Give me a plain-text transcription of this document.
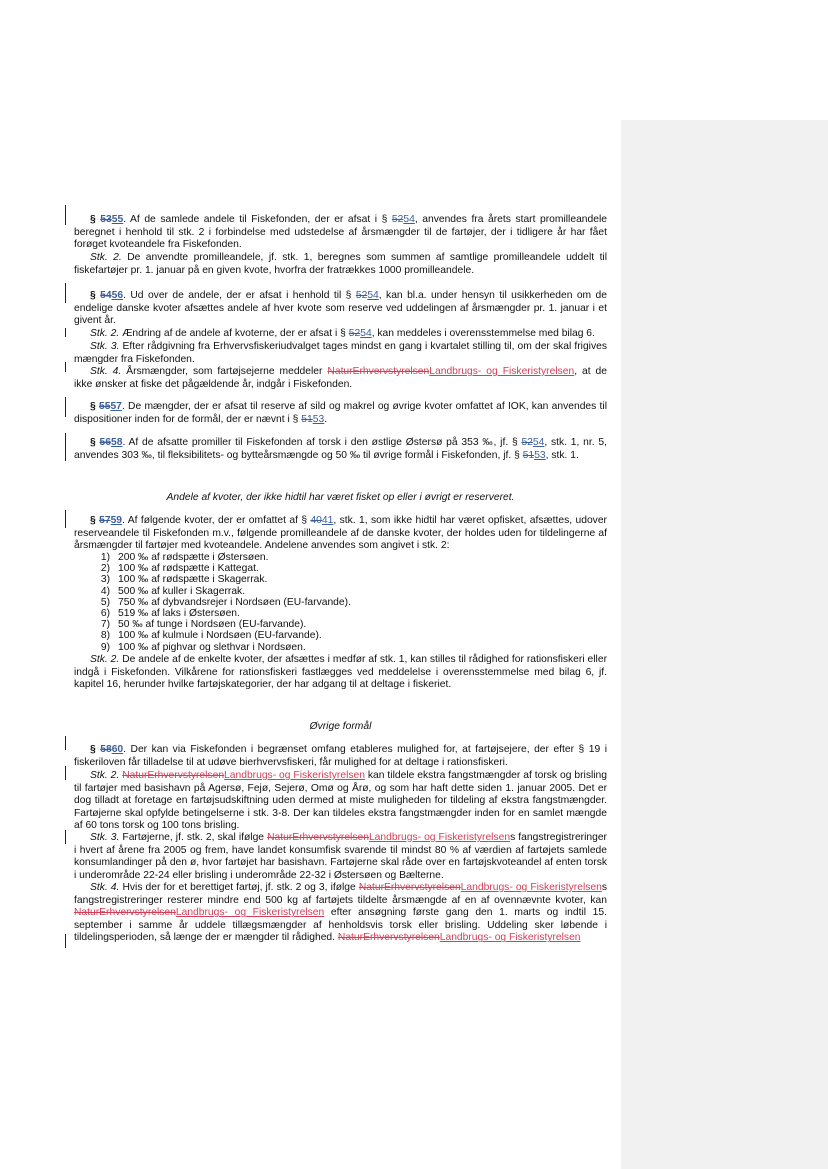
§ 5355. Af de samlede andele til Fiskefonden, der er afsat i § 5254, anvendes fra årets start promilleandele beregnet i henhold til stk. 2 i forbindelse med udstedelse af årsmængder til de fartøjer, der i tidligere år har fået forøget kvoteandele fra Fiskefonden.

Stk. 2. De anvendte promilleandele, jf. stk. 1, beregnes som summen af samtlige promilleandele uddelt til fiskefartøjer pr. 1. januar på en given kvote, hvorfra der fratrækkes 1000 promilleandele.

§ 5456. Ud over de andele, der er afsat i henhold til § 5254, kan bl.a. under hensyn til usikkerheden om de endelige danske kvoter afsættes andele af hver kvote som reserve ved uddelingen af årsmængder pr. 1. januar i et givent år.

Stk. 2. Ændring af de andele af kvoterne, der er afsat i § 5254, kan meddeles i overensstemmelse med bilag 6.

Stk. 3. Efter rådgivning fra Erhvervsfiskeriudvalget tages mindst en gang i kvartalet stilling til, om der skal frigives mængder fra Fiskefonden.

Stk. 4. Årsmængder, som fartøjsejerne meddeler NaturErhvervstyrelsenLandbrugs- og Fiskeristyrelsen, at de ikke ønsker at fiske det pågældende år, indgår i Fiskefonden.

§ 5557. De mængder, der er afsat til reserve af sild og makrel og øvrige kvoter omfattet af IOK, kan anvendes til dispositioner inden for de formål, der er nævnt i § 5153.

§ 5658. Af de afsatte promiller til Fiskefonden af torsk i den østlige Østersø på 353 ‰, jf. § 5254, stk. 1, nr. 5, anvendes 303 ‰, til fleksibilitets- og bytteårsmængde og 50 ‰ til øvrige formål i Fiskefonden, jf. § 5153, stk. 1.

Andele af kvoter, der ikke hidtil har været fisket op eller i øvrigt er reserveret.

§ 5759. Af følgende kvoter, der er omfattet af § 4041, stk. 1, som ikke hidtil har været opfisket, afsættes, udover reserveandele til Fiskefonden m.v., følgende promilleandele af de danske kvoter, der holdes uden for tildelingerne af årsmængder til fartøjer med kvoteandele. Andelene anvendes som angivet i stk. 2:

1) 200 ‰ af rødspætte i Østersøen.
2) 100 ‰ af rødspætte i Kattegat.
3) 100 ‰ af rødspætte i Skagerrak.
4) 500 ‰ af kuller i Skagerrak.
5) 750 ‰ af dybvandsrejer i Nordsøen (EU-farvande).
6) 519 ‰ af laks i Østersøen.
7) 50 ‰ af tunge i Nordsøen (EU-farvande).
8) 100 ‰ af kulmule i Nordsøen (EU-farvande).
9) 100 ‰ af pighvar og slethvar i Nordsøen.

Stk. 2. De andele af de enkelte kvoter, der afsættes i medfør af stk. 1, kan stilles til rådighed for rationsfiskeri eller indgå i Fiskefonden. Vilkårene for rationsfiskeri fastlægges ved meddelelse i overensstemmelse med bilag 6, jf. kapitel 16, herunder hvilke fartøjskategorier, der har adgang til at deltage i fiskeriet.

Øvrige formål

§ 5860. Der kan via Fiskefonden i begrænset omfang etableres mulighed for, at fartøjsejere, der efter § 19 i fiskeriloven får tilladelse til at udøve bierhvervsfiskeri, får mulighed for at deltage i rationsfiskeri.

Stk. 2. NaturErhvervstyrelsenLandbrugs- og Fiskeristyrelsen kan tildele ekstra fangstmængder af torsk og brisling til fartøjer med basishavn på Agersø, Fejø, Sejerø, Omø og Årø, og som har haft dette siden 1. januar 2005. Det er dog tilladt at foretage en fartøjsudskiftning uden dermed at miste muligheden for tildeling af ekstra fangstmængder. Fartøjerne skal opfylde betingelserne i stk. 3-8. Der kan tildeles ekstra fangstmængder inden for en samlet mængde af 60 tons torsk og 100 tons brisling.

Stk. 3. Fartøjerne, jf. stk. 2, skal ifølge NaturErhvervstyrelsenLandbrugs- og Fiskeristyrelsens fangstregistreringer i hvert af årene fra 2005 og frem, have landet konsumfisk svarende til mindst 80 % af værdien af fartøjets samlede konsumlandinger på den ø, hvor fartøjet har basishavn. Fartøjerne skal råde over en fartøjskvoteandel af enten torsk i underområde 22-24 eller brisling i underområde 22-32 i Østersøen og Bælterne.

Stk. 4. Hvis der for et berettiget fartøj, jf. stk. 2 og 3, ifølge NaturErhvervstyrelsenLandbrugs- og Fiskeristyrelsens fangstregistreringer resterer mindre end 500 kg af fartøjets tildelte årsmængde af en af ovennævnte kvoter, kan NaturErhvervstyrelsenLandbrugs- og Fiskeristyrelsen efter ansøgning første gang den 1. marts og indtil 15. september i samme år uddele tillægsmængder af henholdsvis torsk eller brisling. Uddeling sker løbende i tildelingsperioden, så længe der er mængder til rådighed. NaturErhvervstyrelsenLandbrugs- og Fiskeristyrelsen
